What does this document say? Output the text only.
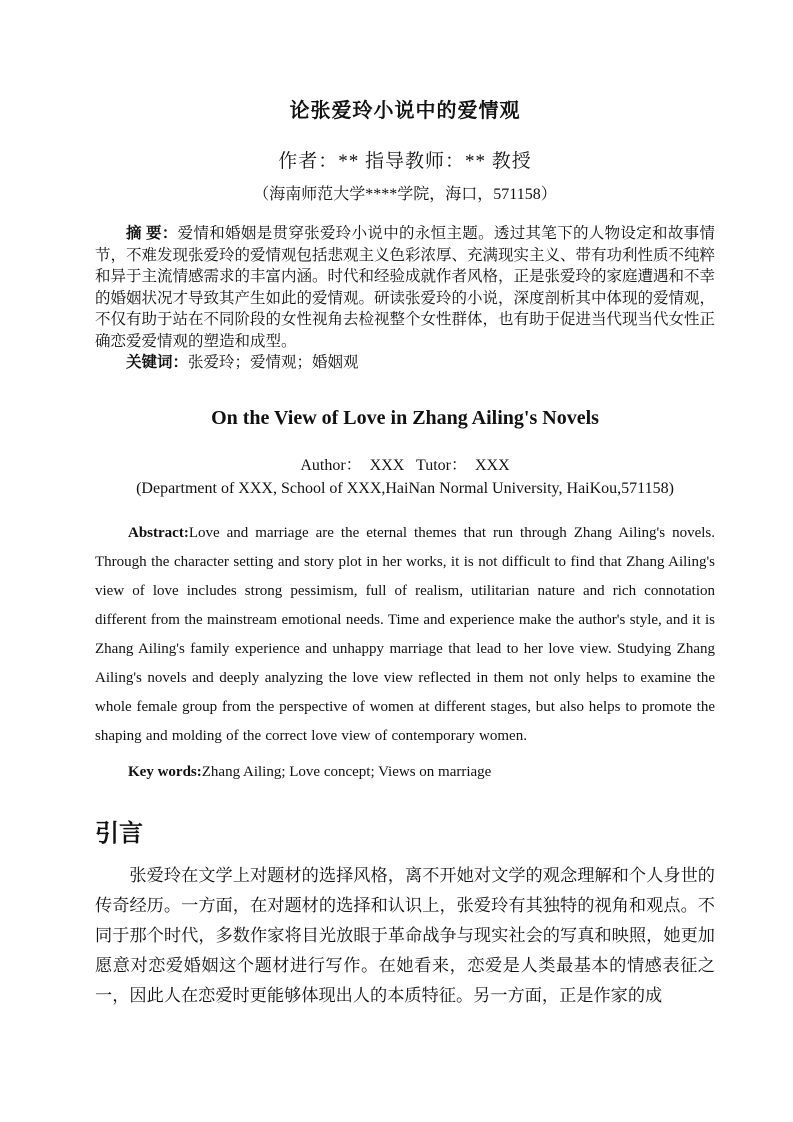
论张爱玲小说中的爱情观

作者：** 指导教师：** 教授

（海南师范大学****学院，海口，571158）

摘 要：爱情和婚姻是贯穿张爱玲小说中的永恒主题。透过其笔下的人物设定和故事情节，不难发现张爱玲的爱情观包括悲观主义色彩浓厚、充满现实主义、带有功利性质不纯粹和异于主流情感需求的丰富内涵。时代和经验成就作者风格，正是张爱玲的家庭遭遇和不幸的婚姻状况才导致其产生如此的爱情观。研读张爱玲的小说，深度剖析其中体现的爱情观，不仅有助于站在不同阶段的女性视角去检视整个女性群体，也有助于促进当代现当代女性正确恋爱爱情观的塑造和成型。

关键词：张爱玲；爱情观；婚姻观

On the View of Love in Zhang Ailing's Novels

Author：  XXX   Tutor：  XXX

(Department of XXX, School of XXX,HaiNan Normal University, HaiKou,571158)

Abstract:Love and marriage are the eternal themes that run through Zhang Ailing's novels. Through the character setting and story plot in her works, it is not difficult to find that Zhang Ailing's view of love includes strong pessimism, full of realism, utilitarian nature and rich connotation different from the mainstream emotional needs. Time and experience make the author's style, and it is Zhang Ailing's family experience and unhappy marriage that lead to her love view. Studying Zhang Ailing's novels and deeply analyzing the love view reflected in them not only helps to examine the whole female group from the perspective of women at different stages, but also helps to promote the shaping and molding of the correct love view of contemporary women.

Key words:Zhang Ailing; Love concept; Views on marriage

引言

张爱玲在文学上对题材的选择风格，离不开她对文学的观念理解和个人身世的传奇经历。一方面，在对题材的选择和认识上，张爱玲有其独特的视角和观点。不同于那个时代，多数作家将目光放眼于革命战争与现实社会的写真和映照，她更加愿意对恋爱婚姻这个题材进行写作。在她看来，恋爱是人类最基本的情感表征之一，因此人在恋爱时更能够体现出人的本质特征。另一方面，正是作家的成
